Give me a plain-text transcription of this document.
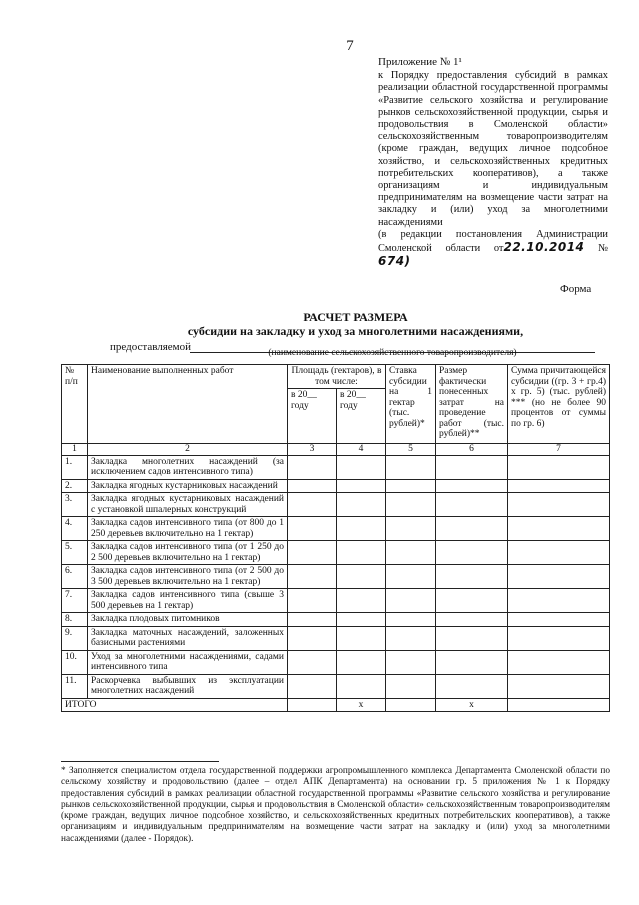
7
Приложение № 1¹

к Порядку предоставления субсидий в рамках реализации областной государственной программы «Развитие сельского хозяйства и регулирование рынков сельскохозяйственной продукции, сырья и продовольствия в Смоленской области» сельскохозяйственным товаропроизводителям (кроме граждан, ведущих личное подсобное хозяйство, и сельскохозяйственных кредитных потребительских кооперативов), а также организациям и индивидуальным предпринимателям на возмещение части затрат на закладку и (или) уход за многолетними насаждениями

(в редакции постановления Администрации Смоленской области от22.10.2014 № 674)

Форма
РАСЧЕТ РАЗМЕРА
субсидии на закладку и уход за многолетними насаждениями,
предоставляемой	(наименование сельскохозяйственного товаропроизводителя)
№ п/п	Наименование выполненных работ	Площадь (гектаров), в том числе:		Ставка субсидии на 1 гектар (тыс. рублей)*	Размер фактически понесенных затрат на проведение работ (тыс. рублей)**	Сумма причитающейся субсидии ((гр. 3 + гр.4) х гр. 5) (тыс. рублей) *** (но не более 90 процентов от суммы по гр. 6)
		в 20__ году	в 20__ году			
1	2	3	4	5	6	7
1.	Закладка многолетних насаждений (за исключением садов интенсивного типа)					
2.	Закладка ягодных кустарниковых насаждений					
3.	Закладка ягодных кустарниковых насаждений с установкой шпалерных конструкций					
4.	Закладка садов интенсивного типа (от 800 до 1 250 деревьев включительно на 1 гектар)					
5.	Закладка садов интенсивного типа (от 1 250 до 2 500 деревьев включительно на 1 гектар)					
6.	Закладка садов интенсивного типа (от 2 500 до 3 500 деревьев включительно на 1 гектар)					
7.	Закладка садов интенсивного типа (свыше 3 500 деревьев на 1 гектар)					
8.	Закладка плодовых питомников					
9.	Закладка маточных насаждений, заложенных базисными растениями					
10.	Уход за многолетними насаждениями, садами интенсивного типа					
11.	Раскорчевка выбывших из эксплуатации многолетних насаждений					
ИТОГО			х		х	
* Заполняется специалистом отдела государственной поддержки агропромышленного комплекса Департамента Смоленской области по сельскому хозяйству и продовольствию (далее – отдел АПК Департамента) на основании гр. 5 приложения № 1 к Порядку предоставления субсидий в рамках реализации областной государственной программы «Развитие сельского хозяйства и регулирование рынков сельскохозяйственной продукции, сырья и продовольствия в Смоленской области» сельскохозяйственным товаропроизводителям (кроме граждан, ведущих личное подсобное хозяйство, и сельскохозяйственных кредитных потребительских кооперативов), а также организациям и индивидуальным предпринимателям на возмещение части затрат на закладку и (или) уход за многолетними насаждениями (далее - Порядок).
